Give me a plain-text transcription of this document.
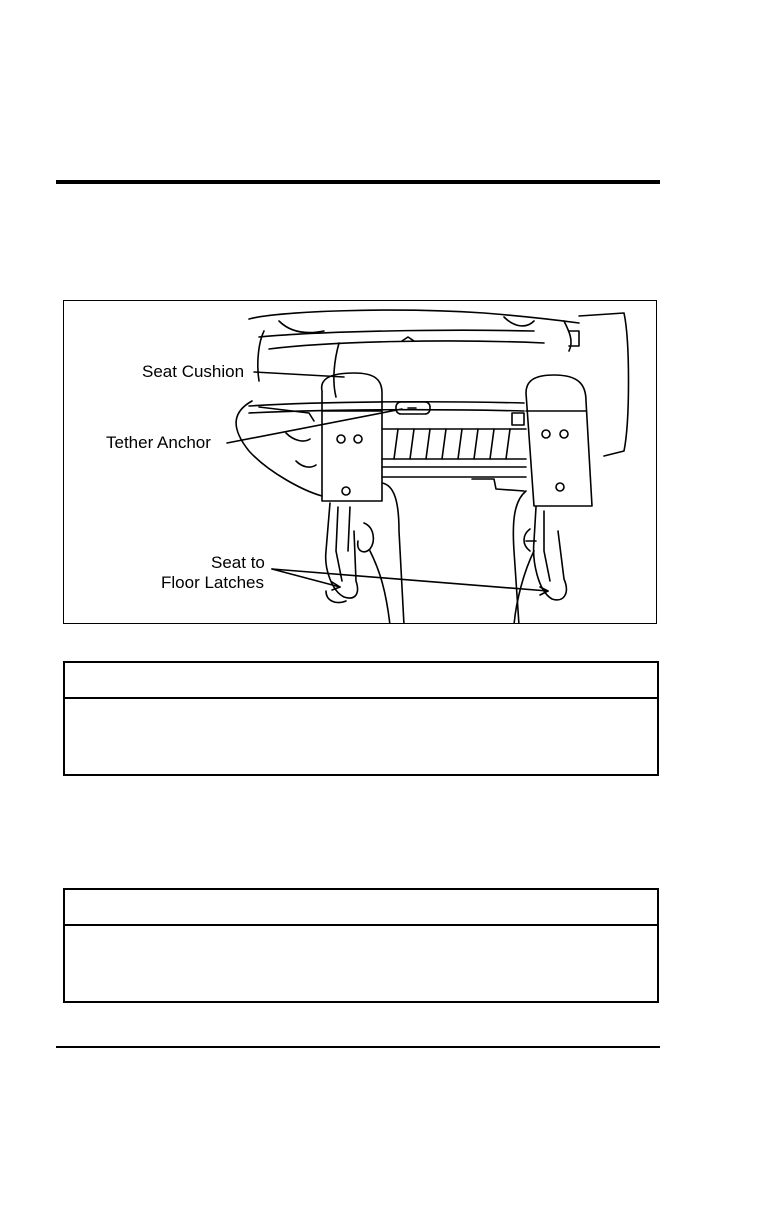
Seat Cushion
Tether Anchor
Seat to
Floor Latches
